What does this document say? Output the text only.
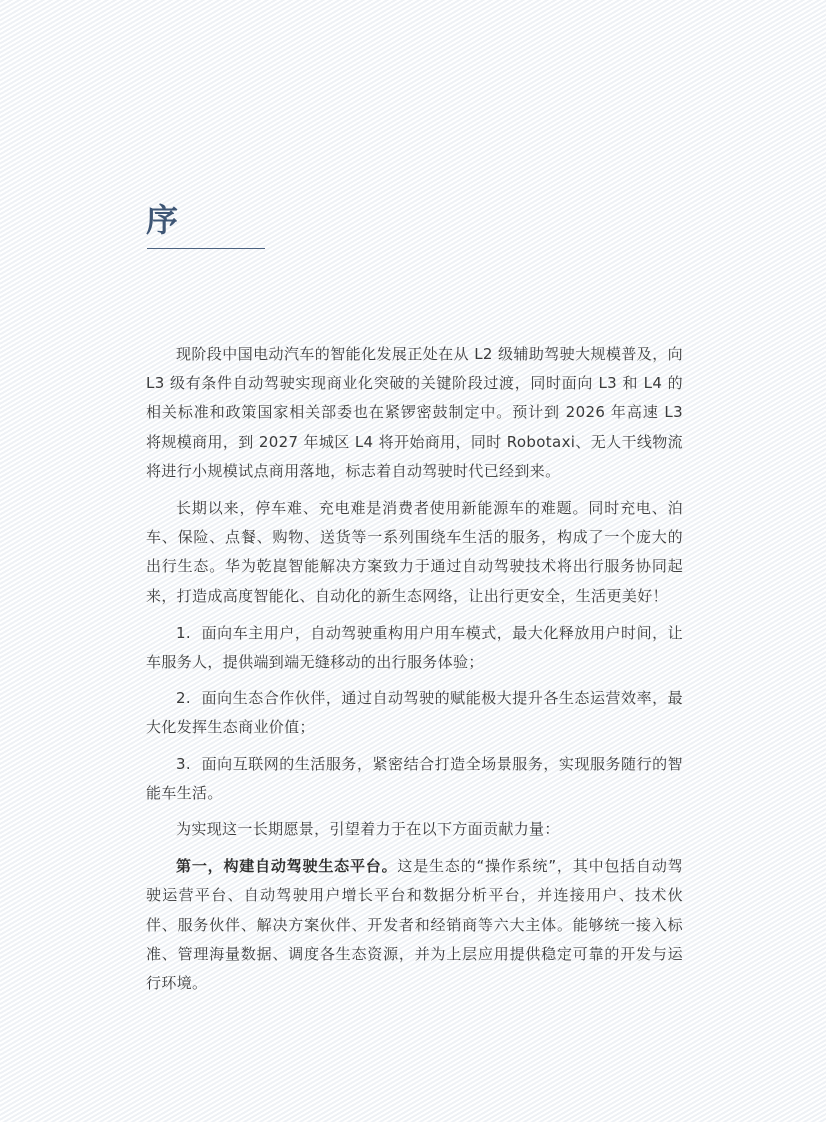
序

现阶段中国电动汽车的智能化发展正处在从 L2 级辅助驾驶大规模普及，向 L3 级有条件自动驾驶实现商业化突破的关键阶段过渡，同时面向 L3 和 L4 的相关标准和政策国家相关部委也在紧锣密鼓制定中。预计到 2026 年高速 L3 将规模商用，到 2027 年城区 L4 将开始商用，同时 Robotaxi、无人干线物流将进行小规模试点商用落地，标志着自动驾驶时代已经到来。

长期以来，停车难、充电难是消费者使用新能源车的难题。同时充电、泊车、保险、点餐、购物、送货等一系列围绕车生活的服务，构成了一个庞大的出行生态。华为乾崑智能解决方案致力于通过自动驾驶技术将出行服务协同起来，打造成高度智能化、自动化的新生态网络，让出行更安全，生活更美好！

1. 面向车主用户，自动驾驶重构用户用车模式，最大化释放用户时间，让车服务人，提供端到端无缝移动的出行服务体验；

2. 面向生态合作伙伴，通过自动驾驶的赋能极大提升各生态运营效率，最大化发挥生态商业价值；

3. 面向互联网的生活服务，紧密结合打造全场景服务，实现服务随行的智能车生活。

为实现这一长期愿景，引望着力于在以下方面贡献力量：

第一，构建自动驾驶生态平台。这是生态的“操作系统”，其中包括自动驾驶运营平台、自动驾驶用户增长平台和数据分析平台，并连接用户、技术伙伴、服务伙伴、解决方案伙伴、开发者和经销商等六大主体。能够统一接入标准、管理海量数据、调度各生态资源，并为上层应用提供稳定可靠的开发与运行环境。
